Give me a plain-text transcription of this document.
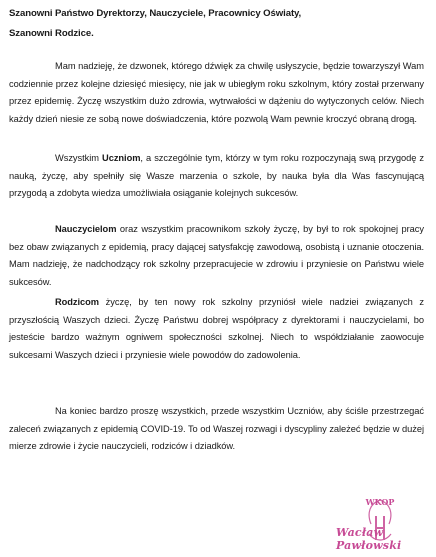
Szanowni Państwo Dyrektorzy, Nauczyciele, Pracownicy Oświaty,
Szanowni Rodzice.

Mam nadzieję, że dzwonek, którego dźwięk za chwilę usłyszycie, będzie towarzyszył Wam codziennie przez kolejne dziesięć miesięcy, nie jak w ubiegłym roku szkolnym, który został przerwany przez epidemię. Życzę wszystkim dużo zdrowia, wytrwałości w dążeniu do wytyczonych celów. Niech każdy dzień niesie ze sobą nowe doświadczenia, które pozwolą Wam pewnie kroczyć obraną drogą.

Wszystkim Uczniom, a szczególnie tym, którzy w tym roku rozpoczynają swą przygodę z nauką, życzę, aby spełniły się Wasze marzenia o szkole, by nauka była dla Was fascynującą przygodą a zdobyta wiedza umożliwiała osiąganie kolejnych sukcesów.

Nauczycielom oraz wszystkim pracownikom szkoły życzę, by był to rok spokojnej pracy bez obaw związanych z epidemią, pracy dającej satysfakcję zawodową, osobistą i uznanie otoczenia. Mam nadzieję, że nadchodzący rok szkolny przepracujecie w zdrowiu i przyniesie on Państwu wiele sukcesów.

Rodzicom życzę, by ten nowy rok szkolny przyniósł wiele nadziei związanych z przyszłością Waszych dzieci. Życzę Państwu dobrej współpracy z dyrektorami i nauczycielami, bo jesteście bardzo ważnym ogniwem społeczności szkolnej. Niech to współdziałanie zaowocuje sukcesami Waszych dzieci i przyniesie wiele powodów do zadowolenia.

Na koniec bardzo proszę wszystkich, przede wszystkim Uczniów, aby ściśle przestrzegać zaleceń związanych z epidemią COVID-19. To od Waszej rozwagi i dyscypliny zależeć będzie w dużej mierze zdrowie i życie nauczycieli, rodziców i dziadków.

WKOP
Wacław Pawłowski
